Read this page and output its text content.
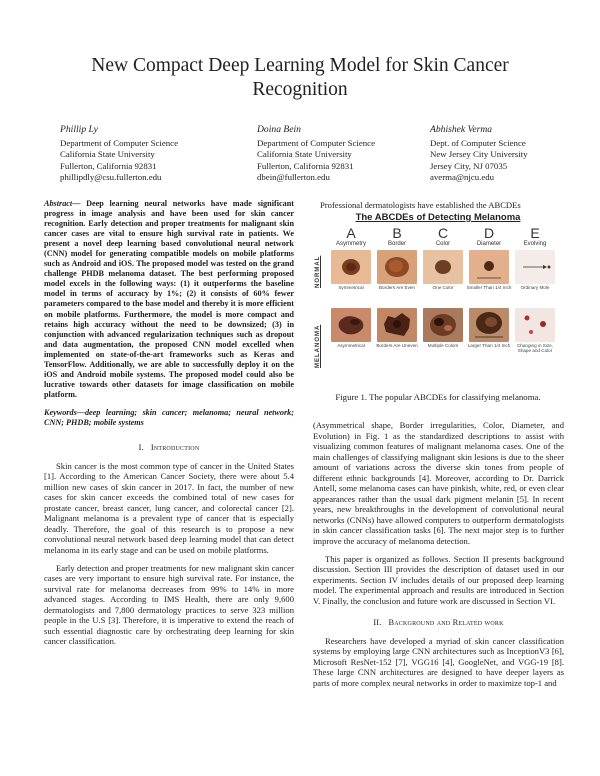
New Compact Deep Learning Model for Skin Cancer Recognition
Phillip Ly
Department of Computer Science
California State University
Fullerton, California 92831
phillipdly@csu.fullerton.edu
Doina Bein
Department of Computer Science
California State University
Fullerton, California 92831
dbein@fullerton.edu
Abhishek Verma
Dept. of Computer Science
New Jersey City University
Jersey City, NJ 07035
averma@njcu.edu

Abstract— Deep learning neural networks have made significant progress in image analysis and have been used for skin cancer recognition. Early detection and proper treatments for malignant skin cancer cases are vital to ensure high survival rate in patients. We present a novel deep learning based convolutional neural network (CNN) model for generating compatible models on mobile platforms such as Android and iOS. The proposed model was tested on the grand challenge PHDB melanoma dataset. The best performing proposed model excels in the following ways: (1) it outperforms the baseline model in terms of accuracy by 1%; (2) it consists of 60% fewer parameters compared to the base model and thereby it is more efficient on mobile platforms. Furthermore, the model is more compact and retains high accuracy without the need to be downsized; (3) in conjunction with advanced regularization techniques such as dropout and data augmentation, the proposed CNN model excelled when implemented on state-of-the-art frameworks such as Keras and TensorFlow. Additionally, we are able to successfully deploy it on the iOS and Android mobile systems. The proposed model could also be lucrative towards other datasets for image classification on mobile platform.

Keywords—deep learning; skin cancer; melanoma; neural network; CNN; PHDB; mobile systems

I. Introduction

Skin cancer is the most common type of cancer in the United States [1]. According to the American Cancer Society, there were about 5.4 million new cases of skin cancer in 2017. In fact, the number of new cases for skin cancer exceeds the combined total of new cases for prostate cancer, breast cancer, lung cancer, and colorectal cancer [2]. Malignant melanoma is a prevalent type of cancer that is especially deadly. Therefore, the goal of this research is to propose a new convolutional neural network based deep learning model that can detect melanoma in its early stage and can be used on mobile platforms.

Early detection and proper treatments for new malignant skin cancer cases are very important to ensure high survival rate. For instance, the survival rate for melanoma decreases from 99% to 14% in more advanced stages. According to IMS Health, there are only 9,600 dermatologists and 7,800 dermatology practices to serve 323 million people in the U.S [3]. Therefore, it is imperative to extend the reach of such essential diagnostic care by orchestrating deep learning for skin cancer classification.

Professional dermatologists have established the ABCDEs
The ABCDEs of Detecting Melanoma
A	B	C	D	E
Asymmetry	Border	Color	Diameter	Evolving
NORMAL
MELANOMA
Symmetrical	Borders Are Even	One Color	Smaller Than 1/4 Inch	Ordinary Mole
Asymmetrical	Borders Are Uneven	Multiple Colors	Larger Than 1/4 Inch	Changing in Size, Shape and Color
Figure 1. The popular ABCDEs for classifying melanoma.

(Asymmetrical shape, Border irregularities, Color, Diameter, and Evolution) in Fig. 1 as the standardized descriptions to assist with visualizing common features of malignant melanoma cases. One of the main challenges of classifying malignant skin lesions is due to the sheer amount of variations across the diverse skin tones from people of different ethnic backgrounds [4]. Moreover, according to Dr. Darrick Antell, some melanoma cases can have pinkish, white, red, or even clear appearances rather than the usual dark pigment melanin [5]. In recent years, new breakthroughs in the development of convolutional neural networks (CNNs) have allowed computers to outperform dermatologists in skin cancer classification tasks [6]. The next major step is to further improve the accuracy of melanoma detection.

This paper is organized as follows. Section II presents background discussion. Section III provides the description of dataset used in our experiments. Section IV includes details of our proposed deep learning model. The experimental approach and results are introduced in Section V. Finally, the conclusion and future work are discussed in Section VI.

II. Background and Related work

Researchers have developed a myriad of skin cancer classification systems by employing large CNN architectures such as InceptionV3 [6], Microsoft ResNet-152 [7], VGG16 [4], GoogleNet, and VGG-19 [8]. These large CNN architectures are designed to have deeper layers as parts of more complex neural networks in order to maximize top-1 and
